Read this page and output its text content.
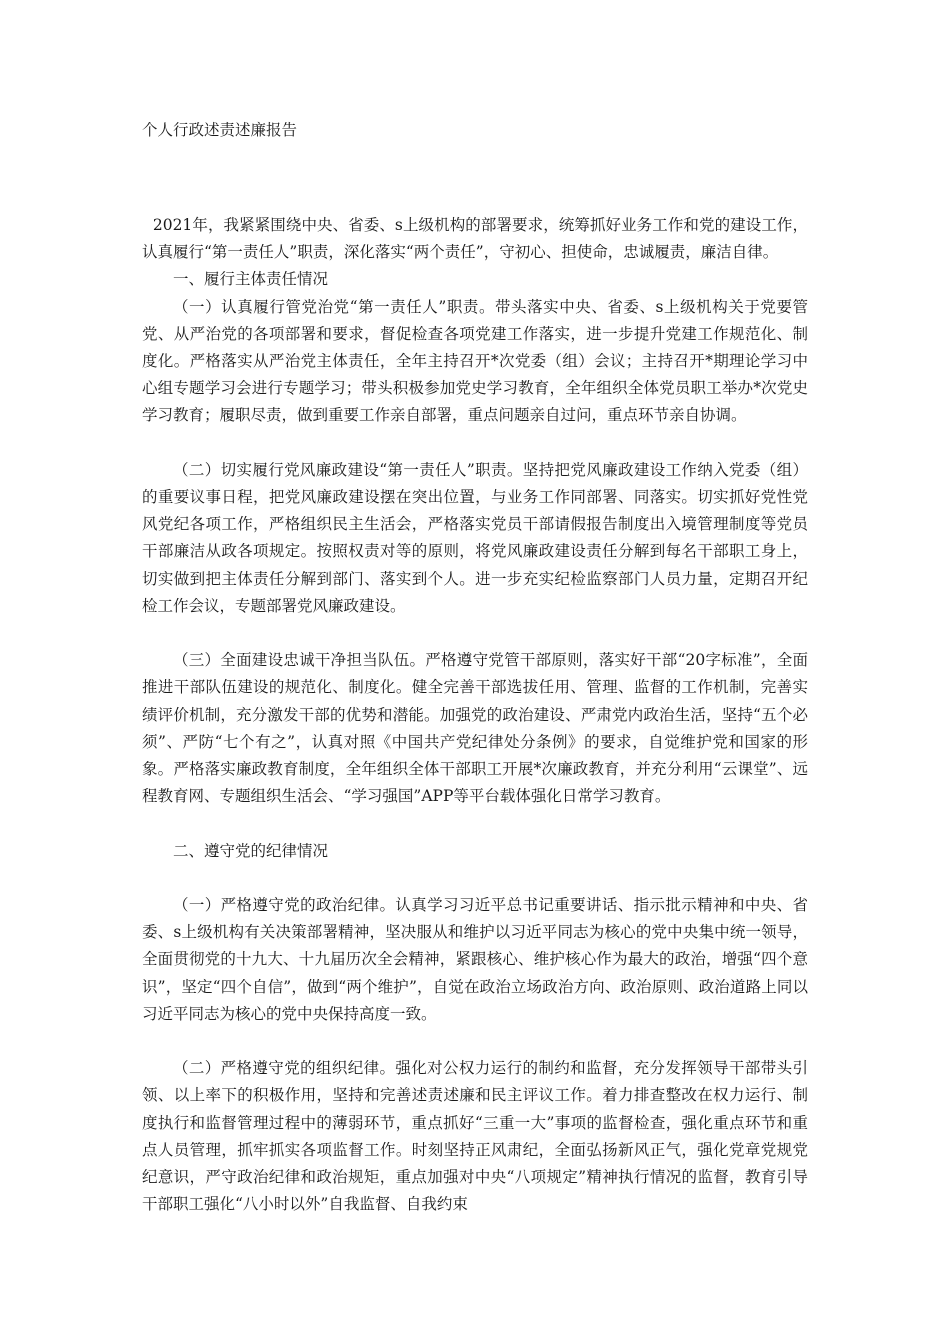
个人行政述责述廉报告

2021年，我紧紧围绕中央、省委、s上级机构的部署要求，统筹抓好业务工作和党的建设工作，认真履行“第一责任人”职责，深化落实“两个责任”，守初心、担使命，忠诚履责，廉洁自律。

一、履行主体责任情况

（一）认真履行管党治党“第一责任人”职责。带头落实中央、省委、s上级机构关于党要管党、从严治党的各项部署和要求，督促检查各项党建工作落实，进一步提升党建工作规范化、制度化。严格落实从严治党主体责任，全年主持召开*次党委（组）会议；主持召开*期理论学习中心组专题学习会进行专题学习；带头积极参加党史学习教育，全年组织全体党员职工举办*次党史学习教育；履职尽责，做到重要工作亲自部署，重点问题亲自过问，重点环节亲自协调。

（二）切实履行党风廉政建设“第一责任人”职责。坚持把党风廉政建设工作纳入党委（组）的重要议事日程，把党风廉政建设摆在突出位置，与业务工作同部署、同落实。切实抓好党性党风党纪各项工作，严格组织民主生活会，严格落实党员干部请假报告制度出入境管理制度等党员干部廉洁从政各项规定。按照权责对等的原则，将党风廉政建设责任分解到每名干部职工身上，切实做到把主体责任分解到部门、落实到个人。进一步充实纪检监察部门人员力量，定期召开纪检工作会议，专题部署党风廉政建设。

（三）全面建设忠诚干净担当队伍。严格遵守党管干部原则，落实好干部“20字标准”，全面推进干部队伍建设的规范化、制度化。健全完善干部选拔任用、管理、监督的工作机制，完善实绩评价机制，充分激发干部的优势和潜能。加强党的政治建设、严肃党内政治生活，坚持“五个必须”、严防“七个有之”，认真对照《中国共产党纪律处分条例》的要求，自觉维护党和国家的形象。严格落实廉政教育制度，全年组织全体干部职工开展*次廉政教育，并充分利用“云课堂”、远程教育网、专题组织生活会、“学习强国”APP等平台载体强化日常学习教育。

二、遵守党的纪律情况

（一）严格遵守党的政治纪律。认真学习习近平总书记重要讲话、指示批示精神和中央、省委、s上级机构有关决策部署精神，坚决服从和维护以习近平同志为核心的党中央集中统一领导，全面贯彻党的十九大、十九届历次全会精神，紧跟核心、维护核心作为最大的政治，增强“四个意识”，坚定“四个自信”，做到“两个维护”，自觉在政治立场政治方向、政治原则、政治道路上同以习近平同志为核心的党中央保持高度一致。

（二）严格遵守党的组织纪律。强化对公权力运行的制约和监督，充分发挥领导干部带头引领、以上率下的积极作用，坚持和完善述责述廉和民主评议工作。着力排查整改在权力运行、制度执行和监督管理过程中的薄弱环节，重点抓好“三重一大”事项的监督检查，强化重点环节和重点人员管理，抓牢抓实各项监督工作。时刻坚持正风肃纪，全面弘扬新风正气，强化党章党规党纪意识，严守政治纪律和政治规矩，重点加强对中央“八项规定”精神执行情况的监督，教育引导干部职工强化“八小时以外”自我监督、自我约束
